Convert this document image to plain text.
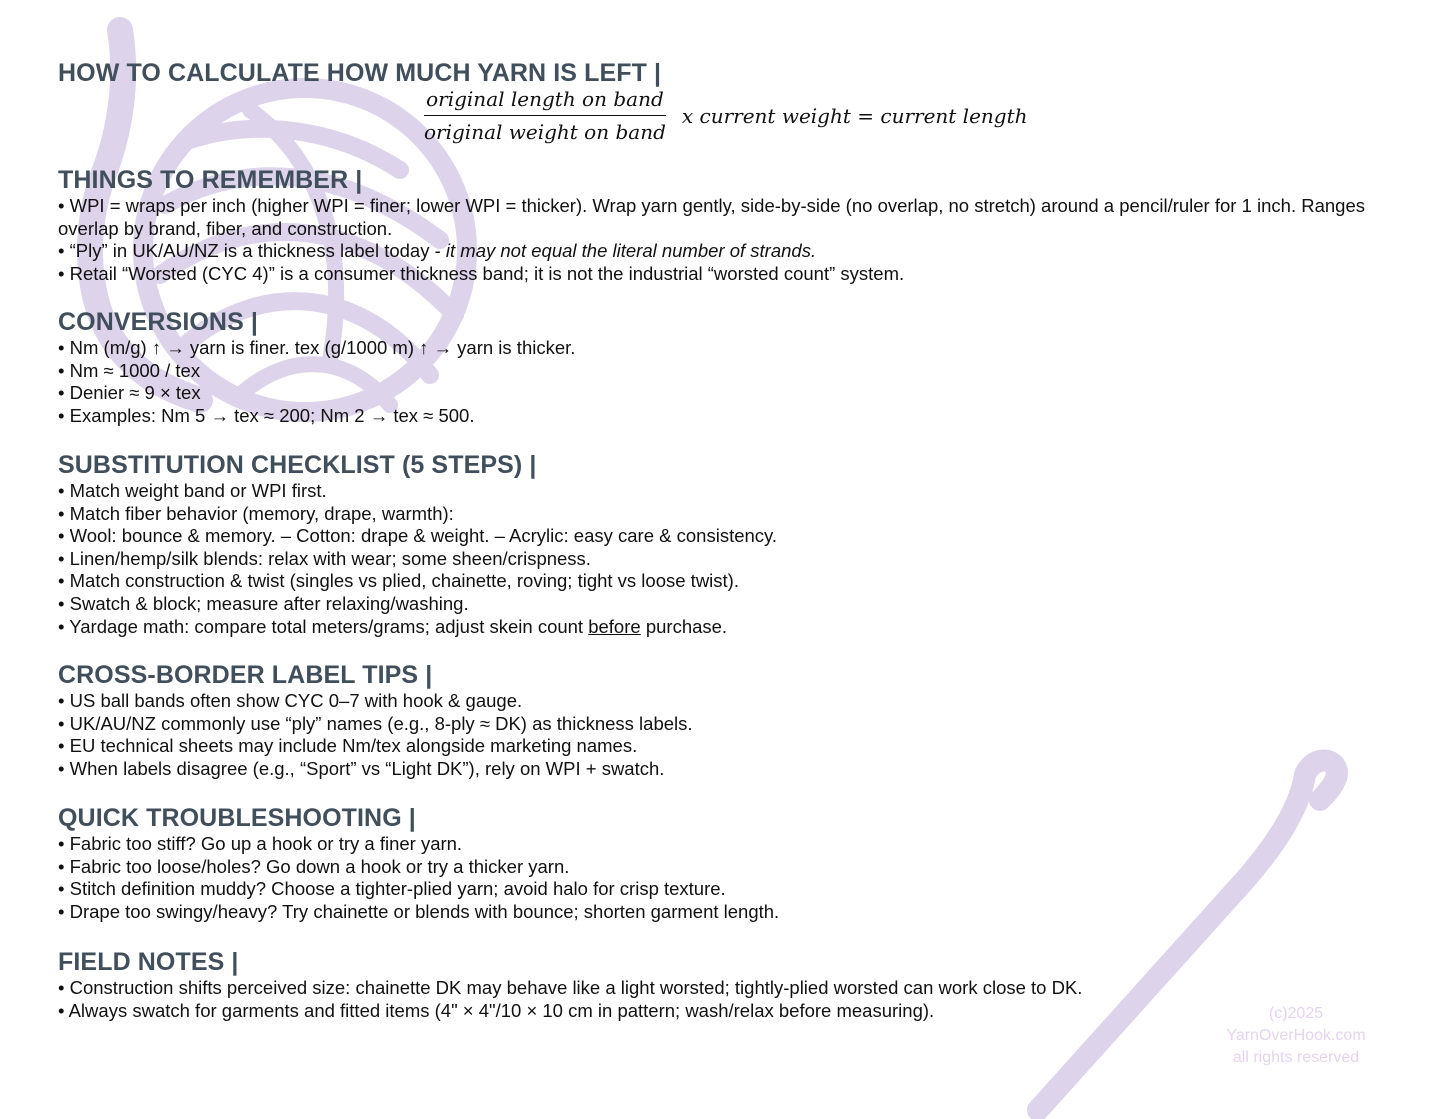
HOW TO CALCULATE HOW MUCH YARN IS LEFT |
$\frac{\text{original length on band}}{\text{original weight on band}}$ x current weight = current length
THINGS TO REMEMBER |

• WPI = wraps per inch (higher WPI = finer; lower WPI = thicker). Wrap yarn gently, side-by-side (no overlap, no stretch) around a pencil/ruler for 1 inch. Ranges overlap by brand, fiber, and construction.

• “Ply” in UK/AU/NZ is a thickness label today - it may not equal the literal number of strands.

• Retail “Worsted (CYC 4)” is a consumer thickness band; it is not the industrial “worsted count” system.

CONVERSIONS |

• Nm (m/g) ↑ → yarn is finer. tex (g/1000 m) ↑ → yarn is thicker.

• Nm ≈ 1000 / tex

• Denier ≈ 9 × tex

• Examples: Nm 5 → tex ≈ 200; Nm 2 → tex ≈ 500.

SUBSTITUTION CHECKLIST (5 STEPS) |

• Match weight band or WPI first.

• Match fiber behavior (memory, drape, warmth):

• Wool: bounce & memory. – Cotton: drape & weight. – Acrylic: easy care & consistency.

• Linen/hemp/silk blends: relax with wear; some sheen/crispness.

• Match construction & twist (singles vs plied, chainette, roving; tight vs loose twist).

• Swatch & block; measure after relaxing/washing.

• Yardage math: compare total meters/grams; adjust skein count before purchase.

CROSS-BORDER LABEL TIPS |

• US ball bands often show CYC 0–7 with hook & gauge.

• UK/AU/NZ commonly use “ply” names (e.g., 8-ply ≈ DK) as thickness labels.

• EU technical sheets may include Nm/tex alongside marketing names.

• When labels disagree (e.g., “Sport” vs “Light DK”), rely on WPI + swatch.

QUICK TROUBLESHOOTING |

• Fabric too stiff? Go up a hook or try a finer yarn.

• Fabric too loose/holes? Go down a hook or try a thicker yarn.

• Stitch definition muddy? Choose a tighter-plied yarn; avoid halo for crisp texture.

• Drape too swingy/heavy? Try chainette or blends with bounce; shorten garment length.

FIELD NOTES |

• Construction shifts perceived size: chainette DK may behave like a light worsted; tightly-plied worsted can work close to DK.

• Always swatch for garments and fitted items (4" × 4"/10 × 10 cm in pattern; wash/relax before measuring).	(c)2025
YarnOverHook.com
all rights reserved
